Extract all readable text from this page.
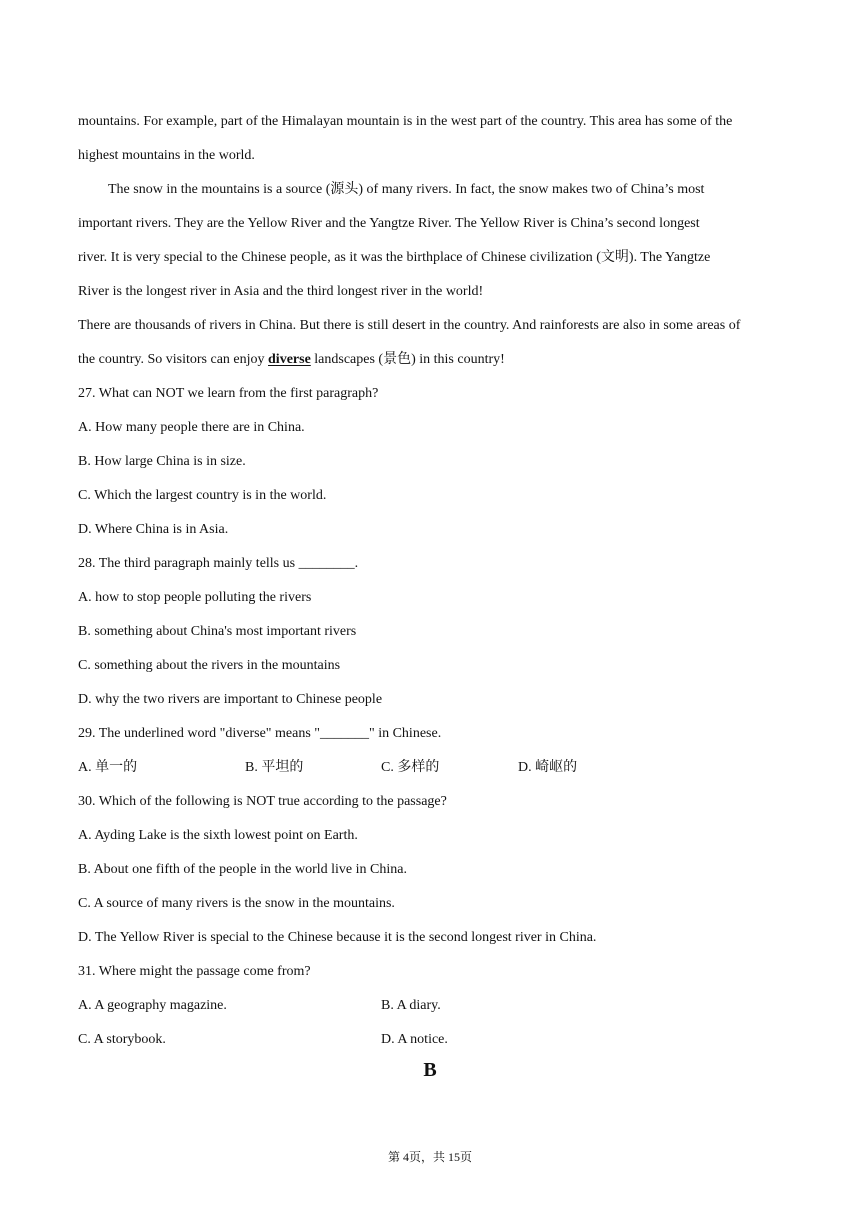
mountains. For example, part of the Himalayan mountain is in the west part of the country. This area has some of the
highest mountains in the world.
The snow in the mountains is a source (源头) of many rivers. In fact, the snow makes two of China’s most
important rivers. They are the Yellow River and the Yangtze River. The Yellow River is China’s second longest
river. It is very special to the Chinese people, as it was the birthplace of Chinese civilization (文明). The Yangtze
River is the longest river in Asia and the third longest river in the world!
There are thousands of rivers in China. But there is still desert in the country. And rainforests are also in some areas of
the country. So visitors can enjoy diverse landscapes (景色) in this country!
27. What can NOT we learn from the first paragraph?
A. How many people there are in China.
B. How large China is in size.
C. Which the largest country is in the world.
D. Where China is in Asia.
28. The third paragraph mainly tells us ________.
A. how to stop people polluting the rivers
B. something about China's most important rivers
C. something about the rivers in the mountains
D. why the two rivers are important to Chinese people
29. The underlined word "diverse" means "_______" in Chinese.
A. 单一的	B. 平坦的	C. 多样的	D. 崎岖的
30. Which of the following is NOT true according to the passage?
A. Ayding Lake is the sixth lowest point on Earth.
B. About one fifth of the people in the world live in China.
C. A source of many rivers is the snow in the mountains.
D. The Yellow River is special to the Chinese because it is the second longest river in China.
31. Where might the passage come from?
A. A geography magazine.	B. A diary.
C. A storybook.	D. A notice.
B
第 4页，共 15页
